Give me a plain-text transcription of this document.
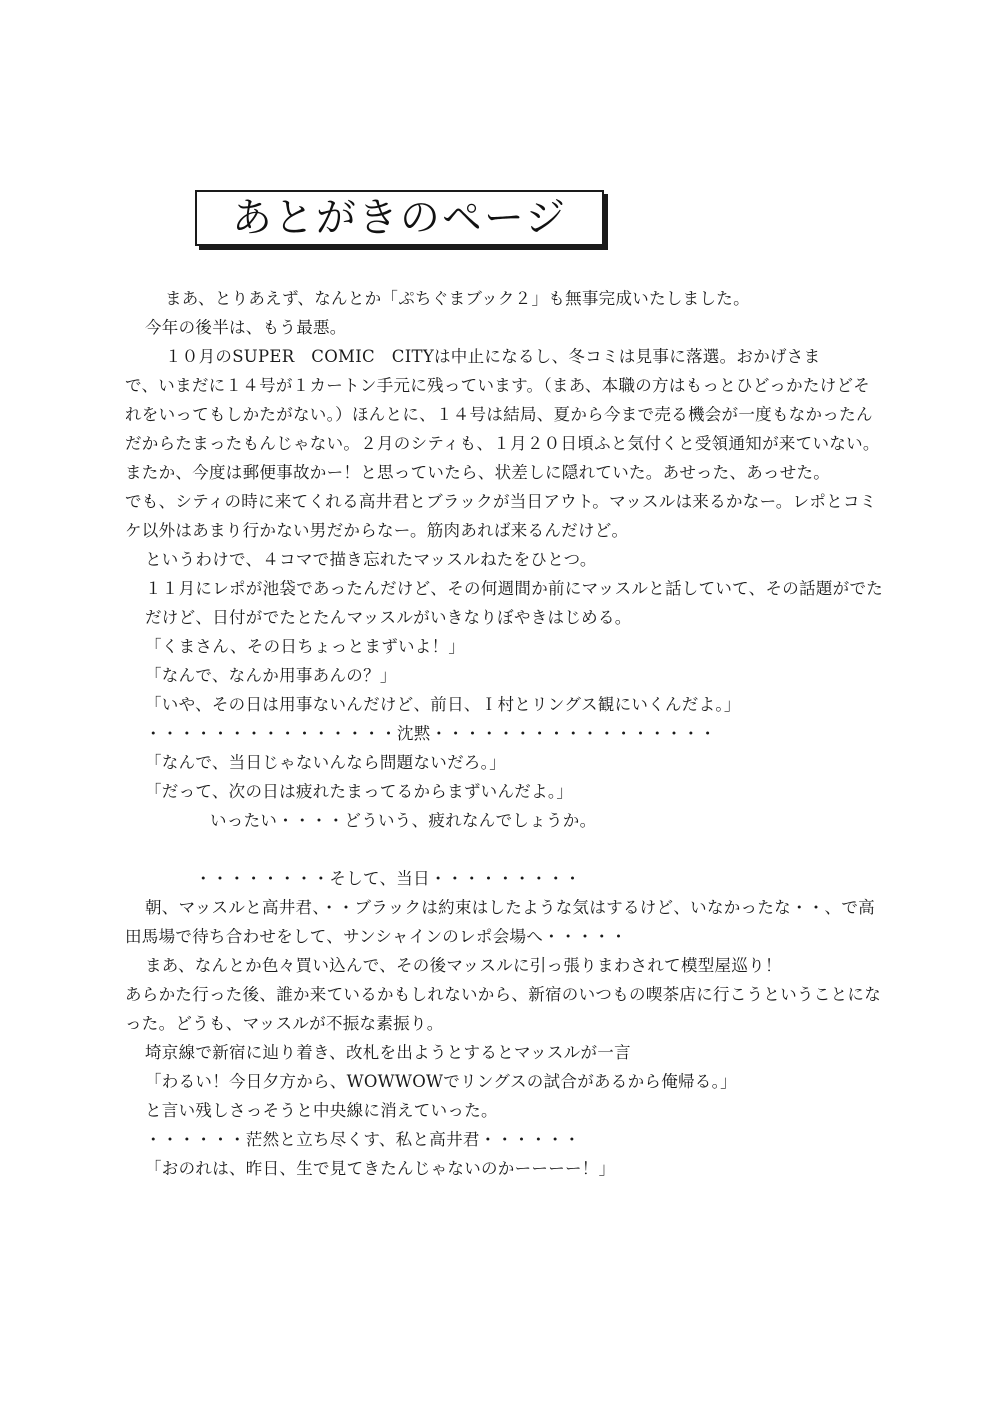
あとがきのページ
まあ、とりあえず、なんとか「ぷちぐまブック２」も無事完成いたしました。
今年の後半は、もう最悪。
１０月のSUPER　COMIC　CITYは中止になるし、冬コミは見事に落選。おかげさま
で、いまだに１４号が１カートン手元に残っています。（まあ、本職の方はもっとひどっかたけどそ
れをいってもしかたがない。）ほんとに、１４号は結局、夏から今まで売る機会が一度もなかったん
だからたまったもんじゃない。２月のシティも、１月２０日頃ふと気付くと受領通知が来ていない。
またか、今度は郵便事故かー！と思っていたら、状差しに隠れていた。あせった、あっせた。
でも、シティの時に来てくれる高井君とブラックが当日アウト。マッスルは来るかなー。レポとコミ
ケ以外はあまり行かない男だからなー。筋肉あれば来るんだけど。
というわけで、４コマで描き忘れたマッスルねたをひとつ。
１１月にレポが池袋であったんだけど、その何週間か前にマッスルと話していて、その話題がでた
だけど、日付がでたとたんマッスルがいきなりぼやきはじめる。
「くまさん、その日ちょっとまずいよ！」
「なんで、なんか用事あんの？」
「いや、その日は用事ないんだけど、前日、Ｉ村とリングス観にいくんだよ。」
・・・・・・・・・・・・・・・沈黙・・・・・・・・・・・・・・・・・
「なんで、当日じゃないんなら問題ないだろ。」
「だって、次の日は疲れたまってるからまずいんだよ。」
いったい・・・・どういう、疲れなんでしょうか。
・・・・・・・・そして、当日・・・・・・・・・
朝、マッスルと高井君、・・ブラックは約束はしたような気はするけど、いなかったな・・、で高
田馬場で待ち合わせをして、サンシャインのレポ会場へ・・・・・
まあ、なんとか色々買い込んで、その後マッスルに引っ張りまわされて模型屋巡り！
あらかた行った後、誰か来ているかもしれないから、新宿のいつもの喫茶店に行こうということにな
った。どうも、マッスルが不振な素振り。
埼京線で新宿に辿り着き、改札を出ようとするとマッスルが一言
「わるい！今日夕方から、WOWWOWでリングスの試合があるから俺帰る。」
と言い残しさっそうと中央線に消えていった。
・・・・・・茫然と立ち尽くす、私と高井君・・・・・・
「おのれは、昨日、生で見てきたんじゃないのかーーーー！」
